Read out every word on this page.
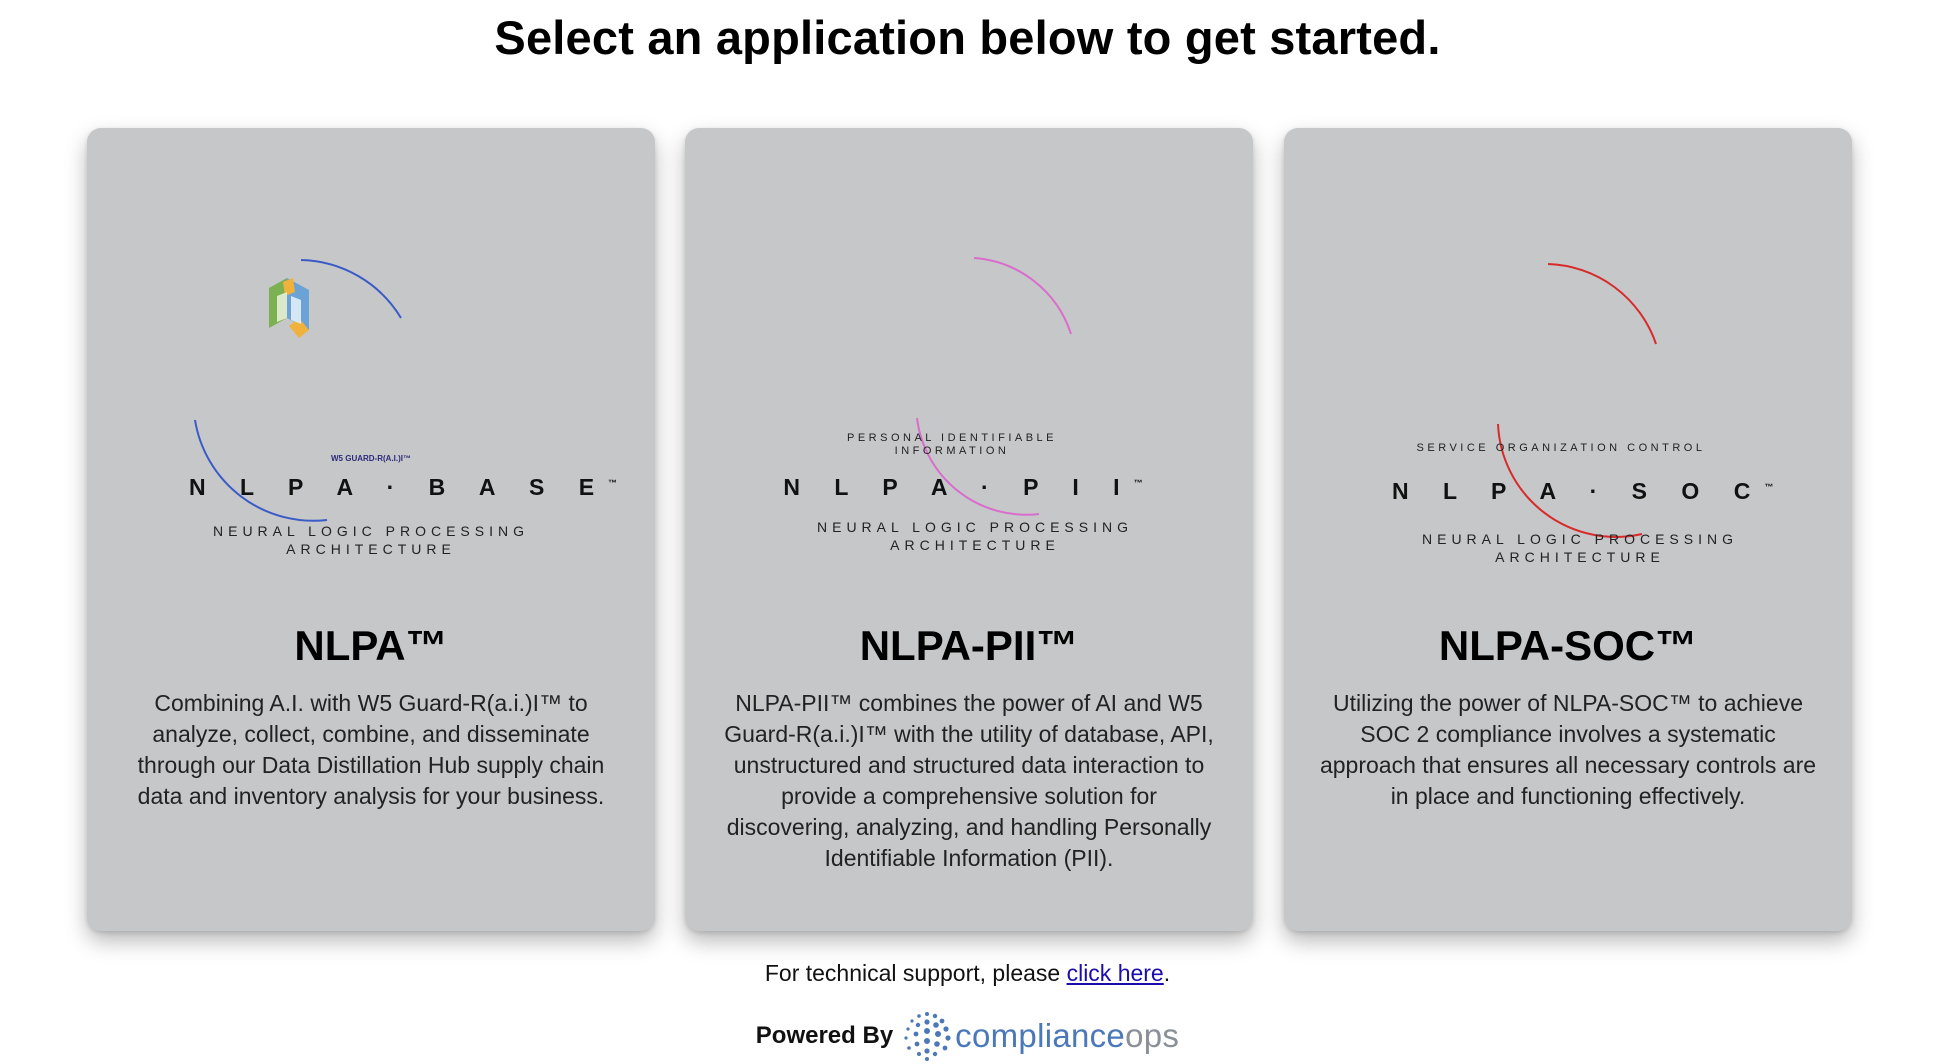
Select an application below to get started.
W5 GUARD-R(A.I.)I™
N L P A · B A S E™
NEURAL LOGIC PROCESSING ARCHITECTURE
NLPA™

Combining A.I. with W5 Guard-R(a.i.)I™ to analyze, collect, combine, and disseminate through our Data Distillation Hub supply chain data and inventory analysis for your business.

PERSONAL IDENTIFIABLE INFORMATION
N L P A · P I I™
NEURAL LOGIC PROCESSING ARCHITECTURE
NLPA-PII™

NLPA-PII™ combines the power of AI and W5 Guard-R(a.i.)I™ with the utility of database, API, unstructured and structured data interaction to provide a comprehensive solution for discovering, analyzing, and handling Personally Identifiable Information (PII).

SERVICE ORGANIZATION CONTROL
N L P A · S O C™
NEURAL LOGIC PROCESSING ARCHITECTURE
NLPA-SOC™

Utilizing the power of NLPA-SOC™ to achieve SOC 2 compliance involves a systematic approach that ensures all necessary controls are in place and functioning effectively.

For technical support, please click here.
Powered By complianceops
